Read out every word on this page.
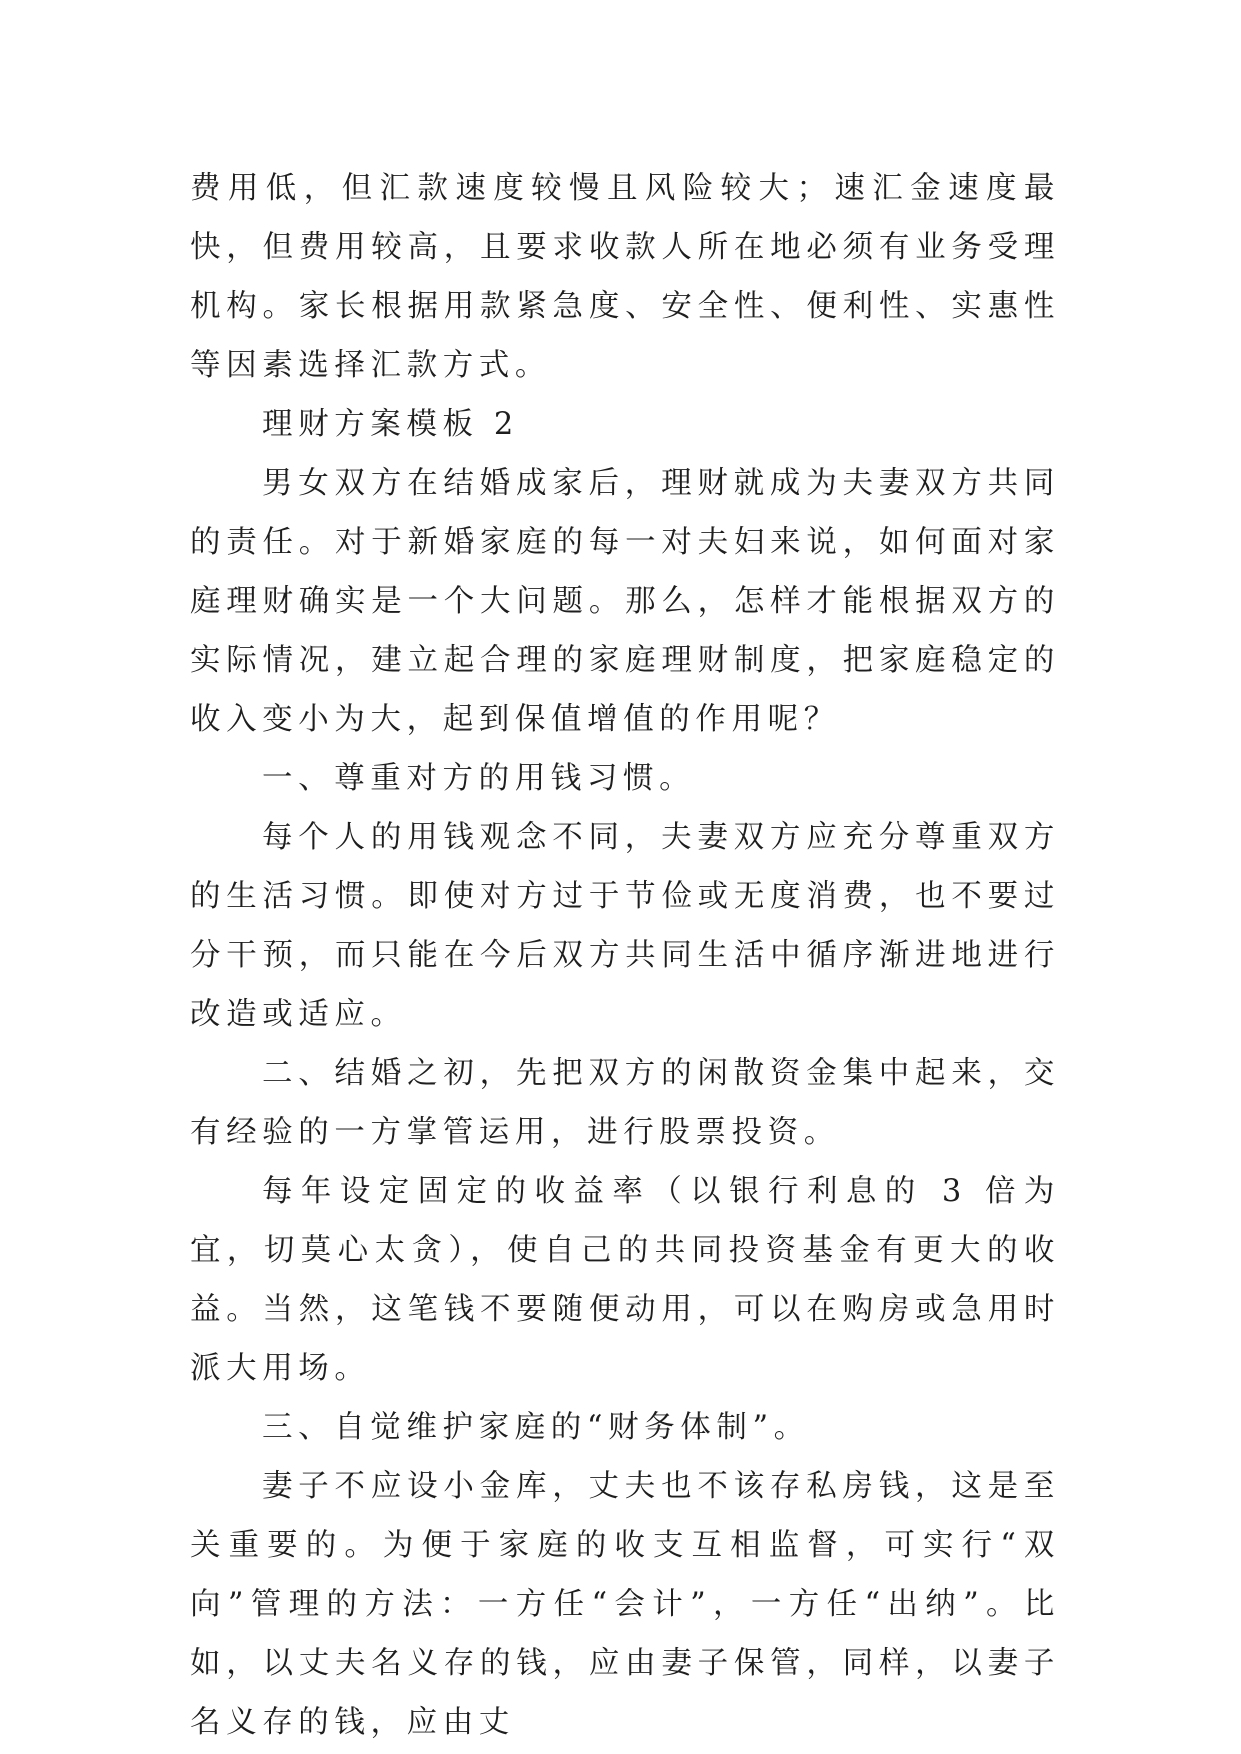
费用低，但汇款速度较慢且风险较大；速汇金速度最快，但费用较高，且要求收款人所在地必须有业务受理机构。家长根据用款紧急度、安全性、便利性、实惠性等因素选择汇款方式。

理财方案模板 2

男女双方在结婚成家后，理财就成为夫妻双方共同的责任。对于新婚家庭的每一对夫妇来说，如何面对家庭理财确实是一个大问题。那么，怎样才能根据双方的实际情况，建立起合理的家庭理财制度，把家庭稳定的收入变小为大，起到保值增值的作用呢？

一、尊重对方的用钱习惯。

每个人的用钱观念不同，夫妻双方应充分尊重双方的生活习惯。即使对方过于节俭或无度消费，也不要过分干预，而只能在今后双方共同生活中循序渐进地进行改造或适应。

二、结婚之初，先把双方的闲散资金集中起来，交有经验的一方掌管运用，进行股票投资。

每年设定固定的收益率（以银行利息的 3 倍为宜，切莫心太贪），使自己的共同投资基金有更大的收益。当然，这笔钱不要随便动用，可以在购房或急用时派大用场。

三、自觉维护家庭的“财务体制”。

妻子不应设小金库，丈夫也不该存私房钱，这是至关重要的。为便于家庭的收支互相监督，可实行“双向”管理的方法：一方任“会计”，一方任“出纳”。比如，以丈夫名义存的钱，应由妻子保管，同样，以妻子名义存的钱，应由丈
